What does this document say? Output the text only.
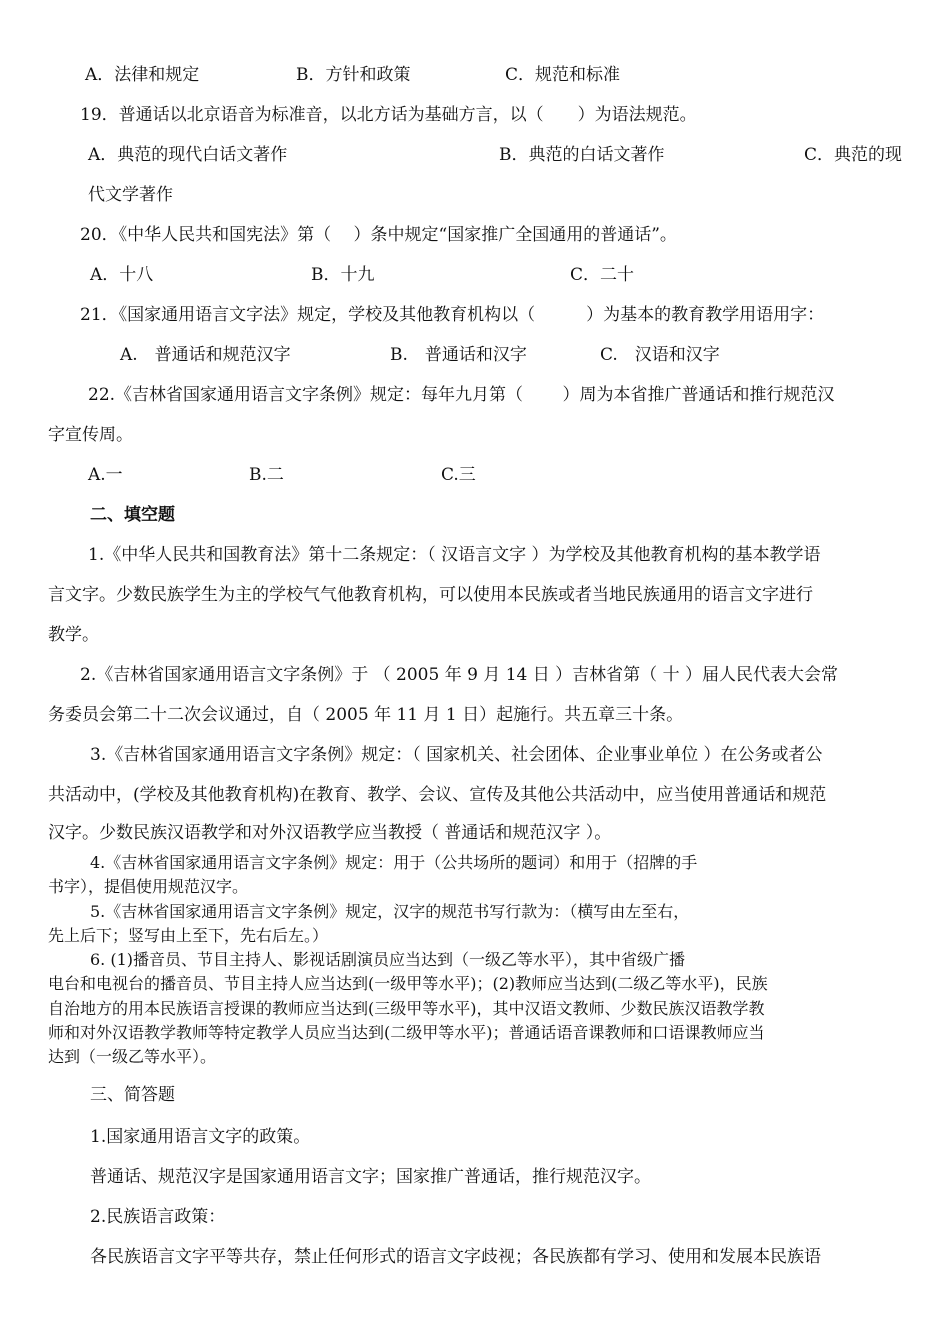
A．法律和规定	B．方针和政策	C．规范和标准
19．普通话以北京语音为标准音，以北方话为基础方言，以（　　）为语法规范。
A．典范的现代白话文著作	B．典范的白话文著作	C．典范的现
代文学著作
20．《中华人民共和国宪法》第（　 ）条中规定“国家推广全国通用的普通话”。
A．十八	B．十九	C．二十
21．《国家通用语言文字法》规定，学校及其他教育机构以（　　　）为基本的教育教学用语用字：
A.　普通话和规范汉字	B.　普通话和汉字	C.　汉语和汉字
22.《吉林省国家通用语言文字条例》规定：每年九月第（　　 ）周为本省推广普通话和推行规范汉
字宣传周。
A.一	B.二	C.三
二、填空题
1.《中华人民共和国教育法》第十二条规定：（ 汉语言文字 ）为学校及其他教育机构的基本教学语
言文字。少数民族学生为主的学校气气他教育机构，可以使用本民族或者当地民族通用的语言文字进行
教学。
2.《吉林省国家通用语言文字条例》于 （ 2005 年 9 月 14 日 ）吉林省第（ 十 ）届人民代表大会常
务委员会第二十二次会议通过，自（ 2005 年 11 月 1 日）起施行。共五章三十条。
3.《吉林省国家通用语言文字条例》规定：（ 国家机关、社会团体、企业事业单位 ）在公务或者公
共活动中，(学校及其他教育机构)在教育、教学、会议、宣传及其他公共活动中，应当使用普通话和规范
汉字。少数民族汉语教学和对外汉语教学应当教授（ 普通话和规范汉字 ）。
4.《吉林省国家通用语言文字条例》规定：用于（公共场所的题词）和用于（招牌的手
书字），提倡使用规范汉字。
5.《吉林省国家通用语言文字条例》规定，汉字的规范书写行款为：（横写由左至右，
先上后下；竖写由上至下，先右后左。）
6. (1)播音员、节目主持人、影视话剧演员应当达到（一级乙等水平），其中省级广播
电台和电视台的播音员、节目主持人应当达到(一级甲等水平)；(2)教师应当达到(二级乙等水平)，民族
自治地方的用本民族语言授课的教师应当达到(三级甲等水平)，其中汉语文教师、少数民族汉语教学教
师和对外汉语教学教师等特定教学人员应当达到(二级甲等水平)；普通话语音课教师和口语课教师应当
达到（一级乙等水平）。
三、简答题
1.国家通用语言文字的政策。
普通话、规范汉字是国家通用语言文字；国家推广普通话，推行规范汉字。
2.民族语言政策：
各民族语言文字平等共存，禁止任何形式的语言文字歧视；各民族都有学习、使用和发展本民族语
